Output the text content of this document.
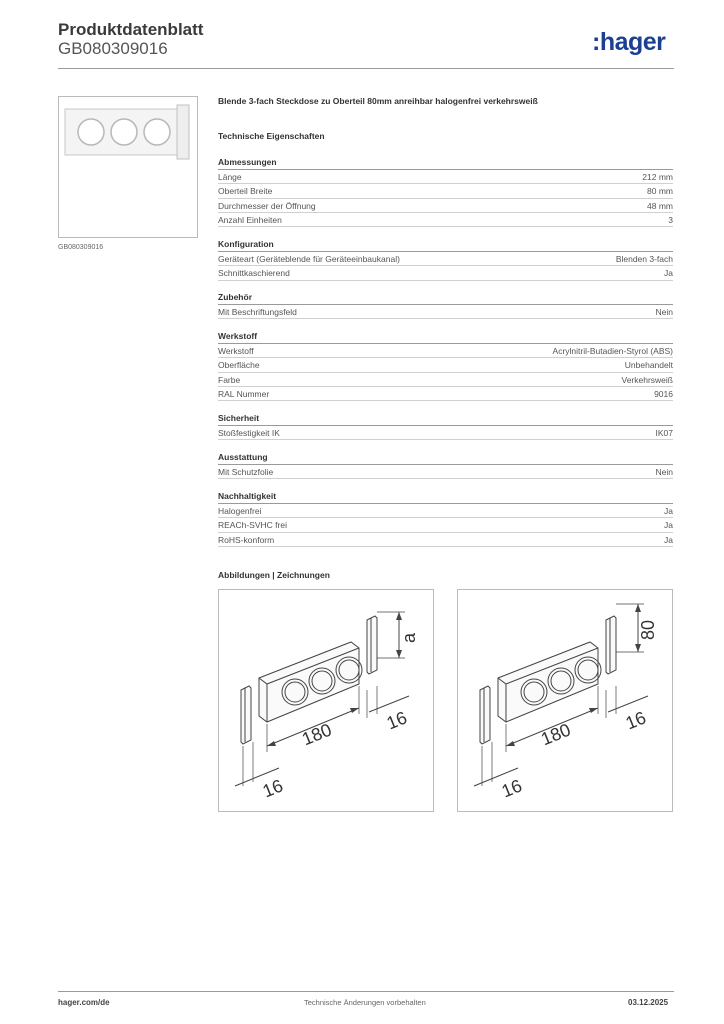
Produktdatenblatt
GB080309016	:hager
GB080309016
Blende 3-fach Steckdose zu Oberteil 80mm anreihbar halogenfrei verkehrsweiß
Technische Eigenschaften
Abmessungen
Länge	212 mm
Oberteil Breite	80 mm
Durchmesser der Öffnung	48 mm
Anzahl Einheiten	3
Konfiguration
Geräteart (Geräteblende für Geräteeinbaukanal)	Blenden 3-fach
Schnittkaschierend	Ja
Zubehör
Mit Beschriftungsfeld	Nein
Werkstoff
Werkstoff	Acrylnitril-Butadien-Styrol (ABS)
Oberfläche	Unbehandelt
Farbe	Verkehrsweiß
RAL Nummer	9016
Sicherheit
Stoßfestigkeit IK	IK07
Ausstattung
Mit Schutzfolie	Nein
Nachhaltigkeit
Halogenfrei	Ja
REACh-SVHC frei	Ja
RoHS-konform	Ja
Abbildungen | Zeichnungen
a
180	16
16
80
180	16
16
hager.com/de	Technische Änderungen vorbehalten	03.12.2025
